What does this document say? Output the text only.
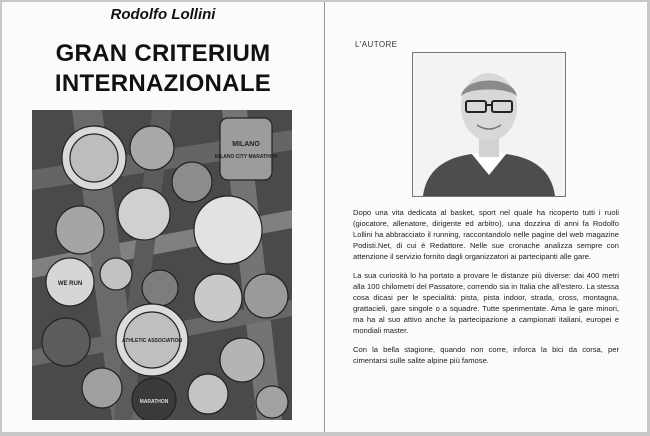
Rodolfo Lollini
GRAN CRITERIUM
INTERNAZIONALE
MILANO
MILANO CITY MARATHON
WE RUN
ATHLETIC ASSOCIATION
MARATHON
L'AUTORE

Dopo una vita dedicata al basket, sport nel quale ha ricoperto tutti i ruoli (giocatore, allenatore, dirigente ed arbitro), una dozzina di anni fa Rodolfo Lollini ha abbracciato il running, raccontandolo nelle pagine del web magazine Podisti.Net, di cui è Redattore. Nelle sue cronache analizza sempre con attenzione il servizio fornito dagli organizzatori ai partecipanti alle gare.

La sua curiosità lo ha portato a provare le distanze più diverse: dai 400 metri alla 100 chilometri del Passatore, correndo sia in Italia che all'estero. La stessa cosa dicasi per le specialità: pista, pista indoor, strada, cross, montagna, grattacieli, gare singole o a squadre. Tutte sperimentate. Ama le gare minori, ma ha al suo attivo anche la partecipazione a campionati italiani, europei e mondiali master.

Con la bella stagione, quando non corre, inforca la bici da corsa, per cimentarsi sulle salite alpine più famose.
